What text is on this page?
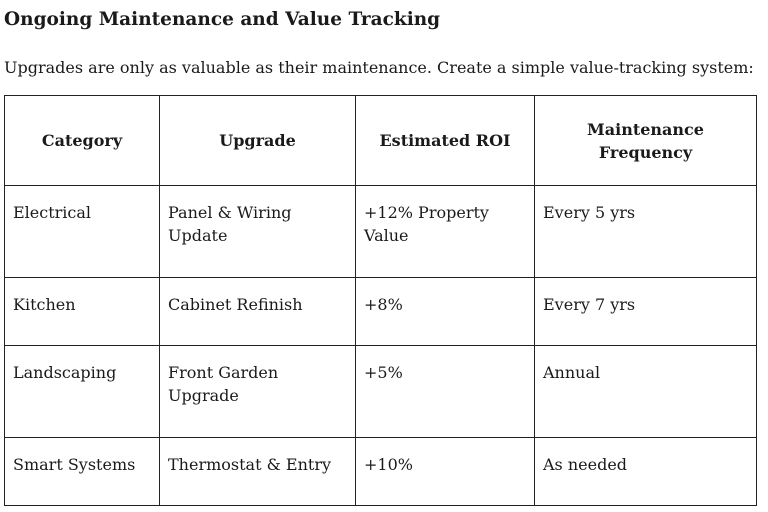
Ongoing Maintenance and Value Tracking

Upgrades are only as valuable as their maintenance. Create a simple value-tracking system:

Category	Upgrade	Estimated ROI	Maintenance Frequency
Electrical	Panel & Wiring Update	+12% Property Value	Every 5 yrs
Kitchen	Cabinet Refinish	+8%	Every 7 yrs
Landscaping	Front Garden Upgrade	+5%	Annual
Smart Systems	Thermostat & Entry	+10%	As needed
